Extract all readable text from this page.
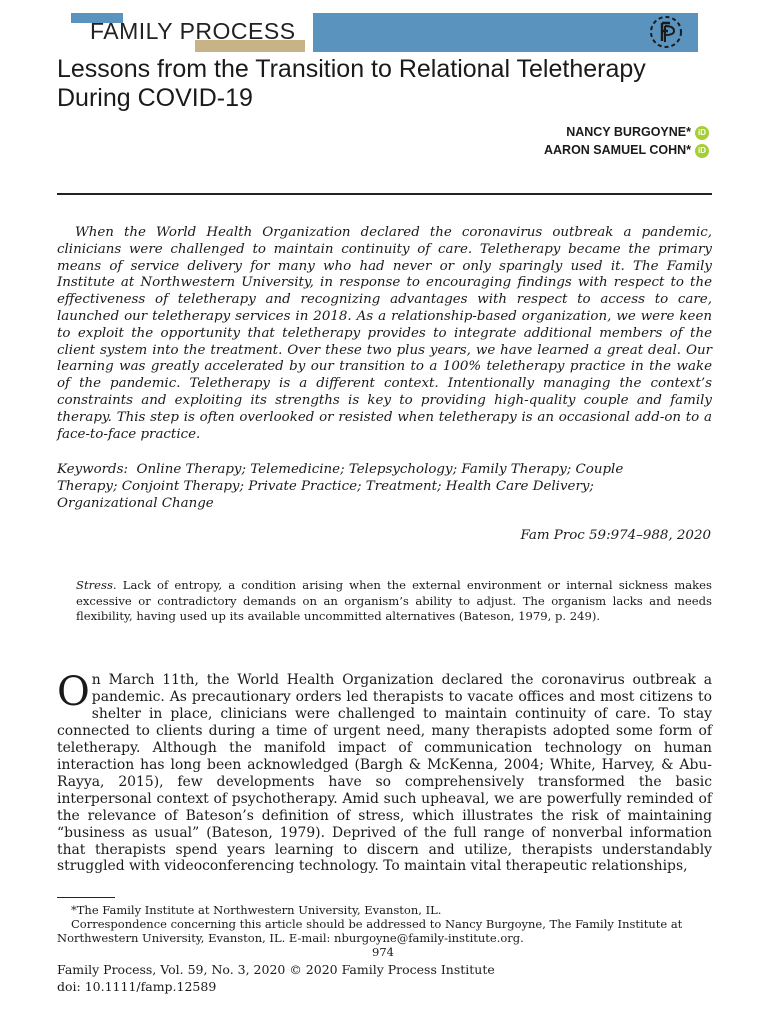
FAMILY PROCESS
Lessons from the Transition to Relational Teletherapy During COVID-19
NANCY BURGOYNE* iD
AARON SAMUEL COHN* iD
When the World Health Organization declared the coronavirus outbreak a pandemic, clinicians were challenged to maintain continuity of care. Teletherapy became the primary means of service delivery for many who had never or only sparingly used it. The Family Institute at Northwestern University, in response to encouraging findings with respect to the effectiveness of teletherapy and recognizing advantages with respect to access to care, launched our teletherapy services in 2018. As a relationship-based organization, we were keen to exploit the opportunity that teletherapy provides to integrate additional members of the client system into the treatment. Over these two plus years, we have learned a great deal. Our learning was greatly accelerated by our transition to a 100% teletherapy practice in the wake of the pandemic. Teletherapy is a different context. Intentionally managing the context’s constraints and exploiting its strengths is key to providing high-quality couple and family therapy. This step is often overlooked or resisted when teletherapy is an occasional add-on to a face-to-face practice.
Keywords:  Online Therapy; Telemedicine; Telepsychology; Family Therapy; Couple Therapy; Conjoint Therapy; Private Practice; Treatment; Health Care Delivery; Organizational Change
Fam Proc 59:974–988, 2020
Stress. Lack of entropy, a condition arising when the external environment or internal sickness makes excessive or contradictory demands on an organism’s ability to adjust. The organism lacks and needs flexibility, having used up its available uncommitted alternatives (Bateson, 1979, p. 249).
On March 11th, the World Health Organization declared the coronavirus outbreak a pandemic. As precautionary orders led therapists to vacate offices and most citizens to shelter in place, clinicians were challenged to maintain continuity of care. To stay connected to clients during a time of urgent need, many therapists adopted some form of teletherapy. Although the manifold impact of communication technology on human interaction has long been acknowledged (Bargh & McKenna, 2004; White, Harvey, & Abu-Rayya, 2015), few developments have so comprehensively transformed the basic interpersonal context of psychotherapy. Amid such upheaval, we are powerfully reminded of the relevance of Bateson’s definition of stress, which illustrates the risk of maintaining “business as usual” (Bateson, 1979). Deprived of the full range of nonverbal information that therapists spend years learning to discern and utilize, therapists understandably struggled with videoconferencing technology. To maintain vital therapeutic relationships,
*The Family Institute at Northwestern University, Evanston, IL.
Correspondence concerning this article should be addressed to Nancy Burgoyne, The Family Institute at Northwestern University, Evanston, IL. E-mail: nburgoyne@family-institute.org.
974
Family Process, Vol. 59, No. 3, 2020 © 2020 Family Process Institute
doi: 10.1111/famp.12589
